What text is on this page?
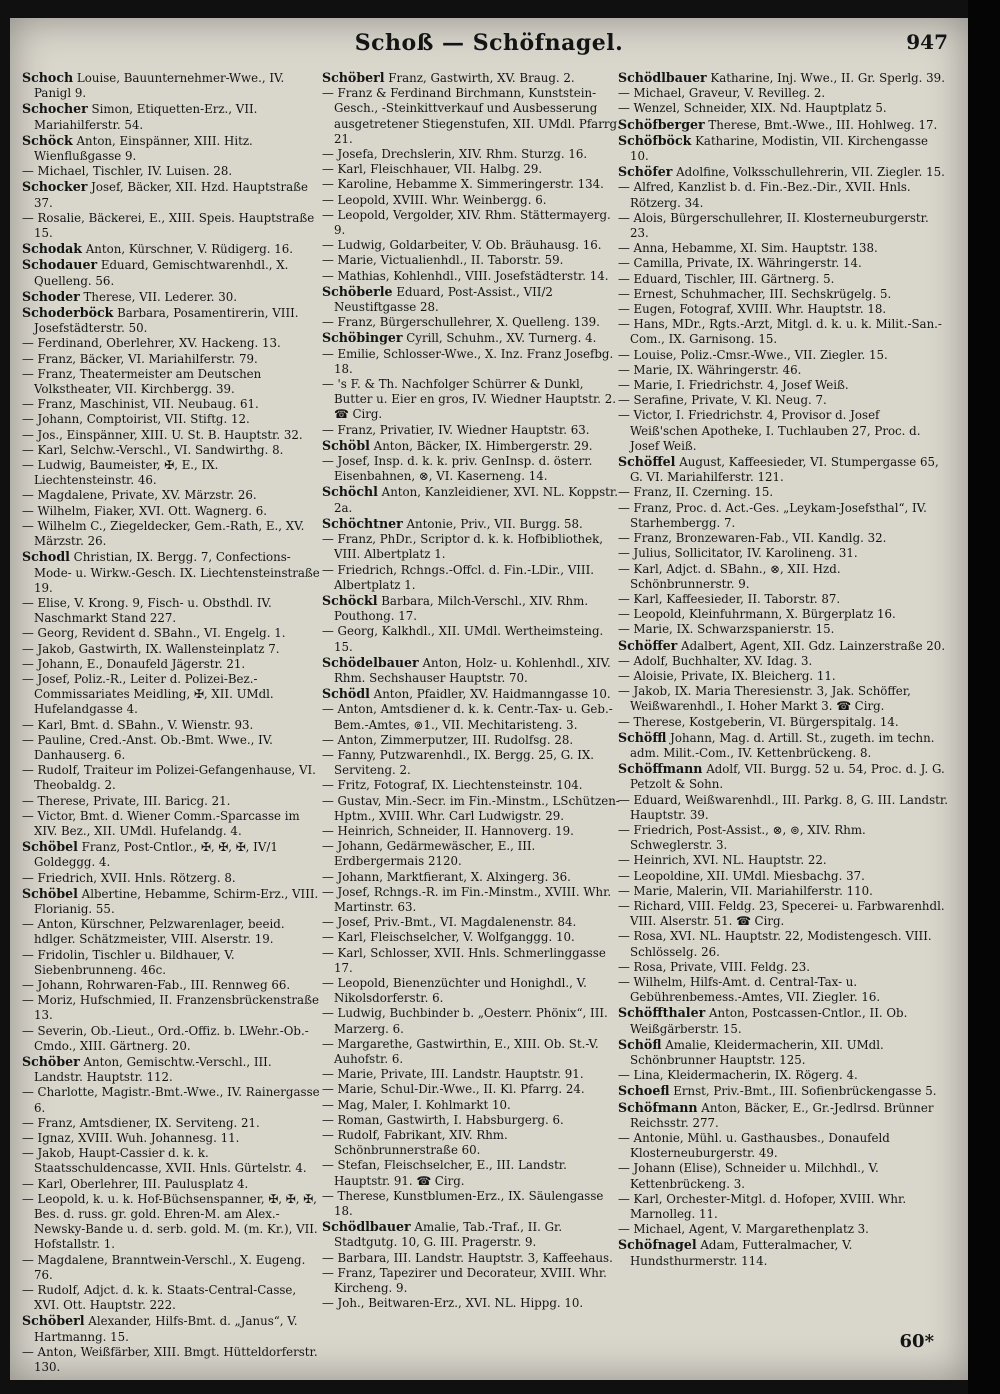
Schoß — Schöfnagel.	947

Schoch Louise, Bauunternehmer-Wwe., IV. Panigl 9.

Schocher Simon, Etiquetten-Erz., VII. Mariahilferstr. 54.

Schöck Anton, Einspänner, XIII. Hitz. Wienflußgasse 9.

— Michael, Tischler, IV. Luisen. 28.

Schocker Josef, Bäcker, XII. Hzd. Hauptstraße 37.

— Rosalie, Bäckerei, E., XIII. Speis. Hauptstraße 15.

Schodak Anton, Kürschner, V. Rüdigerg. 16.

Schodauer Eduard, Gemischtwarenhdl., X. Quelleng. 56.

Schoder Therese, VII. Lederer. 30.

Schoderböck Barbara, Posamentirerin, VIII. Josefstädterstr. 50.

— Ferdinand, Oberlehrer, XV. Hackeng. 13.

— Franz, Bäcker, VI. Mariahilferstr. 79.

— Franz, Theatermeister am Deutschen Volkstheater, VII. Kirchbergg. 39.

— Franz, Maschinist, VII. Neubaug. 61.

— Johann, Comptoirist, VII. Stiftg. 12.

— Jos., Einspänner, XIII. U. St. B. Hauptstr. 32.

— Karl, Selchw.-Verschl., VI. Sandwirthg. 8.

— Ludwig, Baumeister, ✠, E., IX. Liechtensteinstr. 46.

— Magdalene, Private, XV. Märzstr. 26.

— Wilhelm, Fiaker, XVI. Ott. Wagnerg. 6.

— Wilhelm C., Ziegeldecker, Gem.-Rath, E., XV. Märzstr. 26.

Schodl Christian, IX. Bergg. 7, Confections-Mode- u. Wirkw.-Gesch. IX. Liechtensteinstraße 19.

— Elise, V. Krong. 9, Fisch- u. Obsthdl. IV. Naschmarkt Stand 227.

— Georg, Revident d. SBahn., VI. Engelg. 1.

— Jakob, Gastwirth, IX. Wallensteinplatz 7.

— Johann, E., Donaufeld Jägerstr. 21.

— Josef, Poliz.-R., Leiter d. Polizei-Bez.-Commissariates Meidling, ✠, XII. UMdl. Hufelandgasse 4.

— Karl, Bmt. d. SBahn., V. Wienstr. 93.

— Pauline, Cred.-Anst. Ob.-Bmt. Wwe., IV. Danhauserg. 6.

— Rudolf, Traiteur im Polizei-Gefangenhause, VI. Theobaldg. 2.

— Therese, Private, III. Baricg. 21.

— Victor, Bmt. d. Wiener Comm.-Sparcasse im XIV. Bez., XII. UMdl. Hufelandg. 4.

Schöbel Franz, Post-Cntlor., ✠, ✠, ✠, IV/1 Goldeggg. 4.

— Friedrich, XVII. Hnls. Rötzerg. 8.

Schöbel Albertine, Hebamme, Schirm-Erz., VIII. Florianig. 55.

— Anton, Kürschner, Pelzwarenlager, beeid. hdlger. Schätzmeister, VIII. Alserstr. 19.

— Fridolin, Tischler u. Bildhauer, V. Siebenbrunneng. 46c.

— Johann, Rohrwaren-Fab., III. Rennweg 66.

— Moriz, Hufschmied, II. Franzensbrückenstraße 13.

— Severin, Ob.-Lieut., Ord.-Offiz. b. LWehr.-Ob.-Cmdo., XIII. Gärtnerg. 20.

Schöber Anton, Gemischtw.-Verschl., III. Landstr. Hauptstr. 112.

— Charlotte, Magistr.-Bmt.-Wwe., IV. Rainergasse 6.

— Franz, Amtsdiener, IX. Serviteng. 21.

— Ignaz, XVIII. Wuh. Johannesg. 11.

— Jakob, Haupt-Cassier d. k. k. Staatsschuldencasse, XVII. Hnls. Gürtelstr. 4.

— Karl, Oberlehrer, III. Paulusplatz 4.

— Leopold, k. u. k. Hof-Büchsenspanner, ✠, ✠, ✠, Bes. d. russ. gr. gold. Ehren-M. am Alex.-Newsky-Bande u. d. serb. gold. M. (m. Kr.), VII. Hofstallstr. 1.

— Magdalene, Branntwein-Verschl., X. Eugeng. 76.

— Rudolf, Adjct. d. k. k. Staats-Central-Casse, XVI. Ott. Hauptstr. 222.

Schöberl Alexander, Hilfs-Bmt. d. „Janus“, V. Hartmanng. 15.

— Anton, Weißfärber, XIII. Bmgt. Hütteldorferstr. 130.

Schöberl Franz, Gastwirth, XV. Braug. 2.

— Franz & Ferdinand Birchmann, Kunststein-Gesch., -Steinkittverkauf und Ausbesserung ausgetretener Stiegenstufen, XII. UMdl. Pfarrg. 21.

— Josefa, Drechslerin, XIV. Rhm. Sturzg. 16.

— Karl, Fleischhauer, VII. Halbg. 29.

— Karoline, Hebamme X. Simmeringerstr. 134.

— Leopold, XVIII. Whr. Weinbergg. 6.

— Leopold, Vergolder, XIV. Rhm. Stättermayerg. 9.

— Ludwig, Goldarbeiter, V. Ob. Bräuhausg. 16.

— Marie, Victualienhdl., II. Taborstr. 59.

— Mathias, Kohlenhdl., VIII. Josefstädterstr. 14.

Schöberle Eduard, Post-Assist., VII/2 Neustiftgasse 28.

— Franz, Bürgerschullehrer, X. Quelleng. 139.

Schöbinger Cyrill, Schuhm., XV. Turnerg. 4.

— Emilie, Schlosser-Wwe., X. Inz. Franz Josefbg. 18.

— 's F. & Th. Nachfolger Schürrer & Dunkl, Butter u. Eier en gros, IV. Wiedner Hauptstr. 2. ☎ Cirg.

— Franz, Privatier, IV. Wiedner Hauptstr. 63.

Schöbl Anton, Bäcker, IX. Himbergerstr. 29.

— Josef, Insp. d. k. k. priv. GenInsp. d. österr. Eisenbahnen, ⊗, VI. Kaserneng. 14.

Schöchl Anton, Kanzleidiener, XVI. NL. Koppstr. 2a.

Schöchtner Antonie, Priv., VII. Burgg. 58.

— Franz, PhDr., Scriptor d. k. k. Hofbibliothek, VIII. Albertplatz 1.

— Friedrich, Rchngs.-Offcl. d. Fin.-LDir., VIII. Albertplatz 1.

Schöckl Barbara, Milch-Verschl., XIV. Rhm. Pouthong. 17.

— Georg, Kalkhdl., XII. UMdl. Wertheimsteing. 15.

Schödelbauer Anton, Holz- u. Kohlenhdl., XIV. Rhm. Sechshauser Hauptstr. 70.

Schödl Anton, Pfaidler, XV. Haidmanngasse 10.

— Anton, Amtsdiener d. k. k. Centr.-Tax- u. Geb.-Bem.-Amtes, ⊚1., VII. Mechitaristeng. 3.

— Anton, Zimmerputzer, III. Rudolfsg. 28.

— Fanny, Putzwarenhdl., IX. Bergg. 25, G. IX. Serviteng. 2.

— Fritz, Fotograf, IX. Liechtensteinstr. 104.

— Gustav, Min.-Secr. im Fin.-Minstm., LSchützen-Hptm., XVIII. Whr. Carl Ludwigstr. 29.

— Heinrich, Schneider, II. Hannoverg. 19.

— Johann, Gedärmewäscher, E., III. Erdbergermais 2120.

— Johann, Marktfierant, X. Alxingerg. 36.

— Josef, Rchngs.-R. im Fin.-Minstm., XVIII. Whr. Martinstr. 63.

— Josef, Priv.-Bmt., VI. Magdalenenstr. 84.

— Karl, Fleischselcher, V. Wolfganggg. 10.

— Karl, Schlosser, XVII. Hnls. Schmerlinggasse 17.

— Leopold, Bienenzüchter und Honighdl., V. Nikolsdorferstr. 6.

— Ludwig, Buchbinder b. „Oesterr. Phönix“, III. Marzerg. 6.

— Margarethe, Gastwirthin, E., XIII. Ob. St.-V. Auhofstr. 6.

— Marie, Private, III. Landstr. Hauptstr. 91.

— Marie, Schul-Dir.-Wwe., II. Kl. Pfarrg. 24.

— Mag, Maler, I. Kohlmarkt 10.

— Roman, Gastwirth, I. Habsburgerg. 6.

— Rudolf, Fabrikant, XIV. Rhm. Schönbrunnerstraße 60.

— Stefan, Fleischselcher, E., III. Landstr. Hauptstr. 91. ☎ Cirg.

— Therese, Kunstblumen-Erz., IX. Säulengasse 18.

Schödlbauer Amalie, Tab.-Traf., II. Gr. Stadtgutg. 10, G. III. Pragerstr. 9.

— Barbara, III. Landstr. Hauptstr. 3, Kaffeehaus.

— Franz, Tapezirer und Decorateur, XVIII. Whr. Kircheng. 9.

— Joh., Beitwaren-Erz., XVI. NL. Hippg. 10.

Schödlbauer Katharine, Inj. Wwe., II. Gr. Sperlg. 39.

— Michael, Graveur, V. Revilleg. 2.

— Wenzel, Schneider, XIX. Nd. Hauptplatz 5.

Schöfberger Therese, Bmt.-Wwe., III. Hohlweg. 17.

Schöfböck Katharine, Modistin, VII. Kirchengasse 10.

Schöfer Adolfine, Volksschullehrerin, VII. Ziegler. 15.

— Alfred, Kanzlist b. d. Fin.-Bez.-Dir., XVII. Hnls. Rötzerg. 34.

— Alois, Bürgerschullehrer, II. Klosterneuburgerstr. 23.

— Anna, Hebamme, XI. Sim. Hauptstr. 138.

— Camilla, Private, IX. Währingerstr. 14.

— Eduard, Tischler, III. Gärtnerg. 5.

— Ernest, Schuhmacher, III. Sechskrügelg. 5.

— Eugen, Fotograf, XVIII. Whr. Hauptstr. 18.

— Hans, MDr., Rgts.-Arzt, Mitgl. d. k. u. k. Milit.-San.-Com., IX. Garnisong. 15.

— Louise, Poliz.-Cmsr.-Wwe., VII. Ziegler. 15.

— Marie, IX. Währingerstr. 46.

— Marie, I. Friedrichstr. 4, Josef Weiß.

— Serafine, Private, V. Kl. Neug. 7.

— Victor, I. Friedrichstr. 4, Provisor d. Josef Weiß'schen Apotheke, I. Tuchlauben 27, Proc. d. Josef Weiß.

Schöffel August, Kaffeesieder, VI. Stumpergasse 65, G. VI. Mariahilferstr. 121.

— Franz, II. Czerning. 15.

— Franz, Proc. d. Act.-Ges. „Leykam-Josefsthal“, IV. Starhembergg. 7.

— Franz, Bronzewaren-Fab., VII. Kandlg. 32.

— Julius, Sollicitator, IV. Karolineng. 31.

— Karl, Adjct. d. SBahn., ⊗, XII. Hzd. Schönbrunnerstr. 9.

— Karl, Kaffeesieder, II. Taborstr. 87.

— Leopold, Kleinfuhrmann, X. Bürgerplatz 16.

— Marie, IX. Schwarzspanierstr. 15.

Schöffer Adalbert, Agent, XII. Gdz. Lainzerstraße 20.

— Adolf, Buchhalter, XV. Idag. 3.

— Aloisie, Private, IX. Bleicherg. 11.

— Jakob, IX. Maria Theresienstr. 3, Jak. Schöffer, Weißwarenhdl., I. Hoher Markt 3. ☎ Cirg.

— Therese, Kostgeberin, VI. Bürgerspitalg. 14.

Schöffl Johann, Mag. d. Artill. St., zugeth. im techn. adm. Milit.-Com., IV. Kettenbrückeng. 8.

Schöffmann Adolf, VII. Burgg. 52 u. 54, Proc. d. J. G. Petzolt & Sohn.

— Eduard, Weißwarenhdl., III. Parkg. 8, G. III. Landstr. Hauptstr. 39.

— Friedrich, Post-Assist., ⊗, ⊚, XIV. Rhm. Schweglerstr. 3.

— Heinrich, XVI. NL. Hauptstr. 22.

— Leopoldine, XII. UMdl. Miesbachg. 37.

— Marie, Malerin, VII. Mariahilferstr. 110.

— Richard, VIII. Feldg. 23, Specerei- u. Farbwarenhdl. VIII. Alserstr. 51. ☎ Cirg.

— Rosa, XVI. NL. Hauptstr. 22, Modistengesch. VIII. Schlösselg. 26.

— Rosa, Private, VIII. Feldg. 23.

— Wilhelm, Hilfs-Amt. d. Central-Tax- u. Gebührenbemess.-Amtes, VII. Ziegler. 16.

Schöffthaler Anton, Postcassen-Cntlor., II. Ob. Weißgärberstr. 15.

Schöfl Amalie, Kleidermacherin, XII. UMdl. Schönbrunner Hauptstr. 125.

— Lina, Kleidermacherin, IX. Rögerg. 4.

Schoefl Ernst, Priv.-Bmt., III. Sofienbrückengasse 5.

Schöfmann Anton, Bäcker, E., Gr.-Jedlrsd. Brünner Reichsstr. 277.

— Antonie, Mühl. u. Gasthausbes., Donaufeld Klosterneuburgerstr. 49.

— Johann (Elise), Schneider u. Milchhdl., V. Kettenbrückeng. 3.

— Karl, Orchester-Mitgl. d. Hofoper, XVIII. Whr. Marnolleg. 11.

— Michael, Agent, V. Margarethenplatz 3.

Schöfnagel Adam, Futteralmacher, V. Hundsthurmerstr. 114.

60*
